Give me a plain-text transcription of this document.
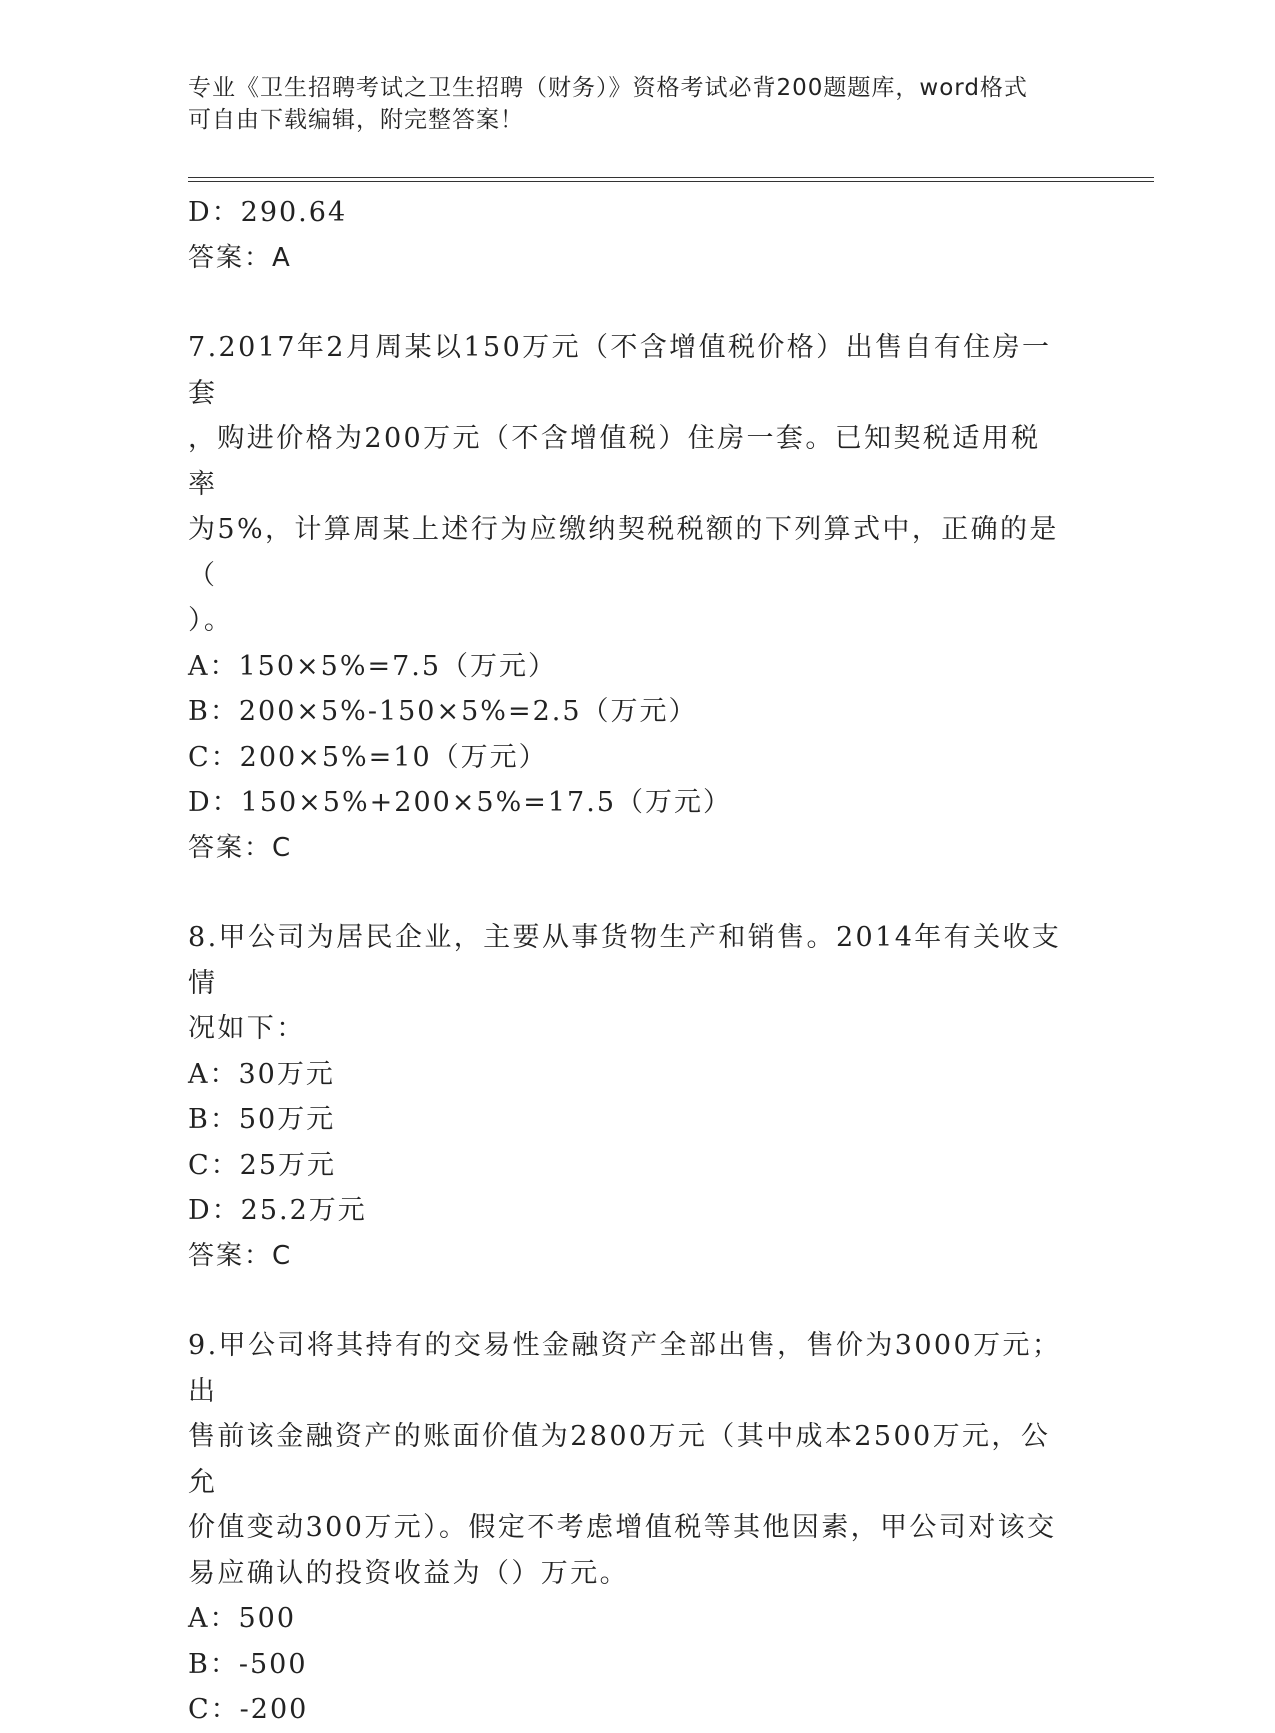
专业《卫生招聘考试之卫生招聘（财务）》资格考试必背200题题库，word格式
可自由下载编辑，附完整答案！
D：290.64
答案：A
7.2017年2月周某以150万元（不含增值税价格）出售自有住房一套
，购进价格为200万元（不含增值税）住房一套。已知契税适用税率
为5%，计算周某上述行为应缴纳契税税额的下列算式中，正确的是（
）。
A：150×5%=7.5（万元）
B：200×5%-150×5%=2.5（万元）
C：200×5%=10（万元）
D：150×5%+200×5%=17.5（万元）
答案：C
8.甲公司为居民企业，主要从事货物生产和销售。2014年有关收支情
况如下：
A：30万元
B：50万元
C：25万元
D：25.2万元
答案：C
9.甲公司将其持有的交易性金融资产全部出售，售价为3000万元；出
售前该金融资产的账面价值为2800万元（其中成本2500万元，公允
价值变动300万元）。假定不考虑增值税等其他因素，甲公司对该交
易应确认的投资收益为（）万元。
A：500
B：-500
C：-200
